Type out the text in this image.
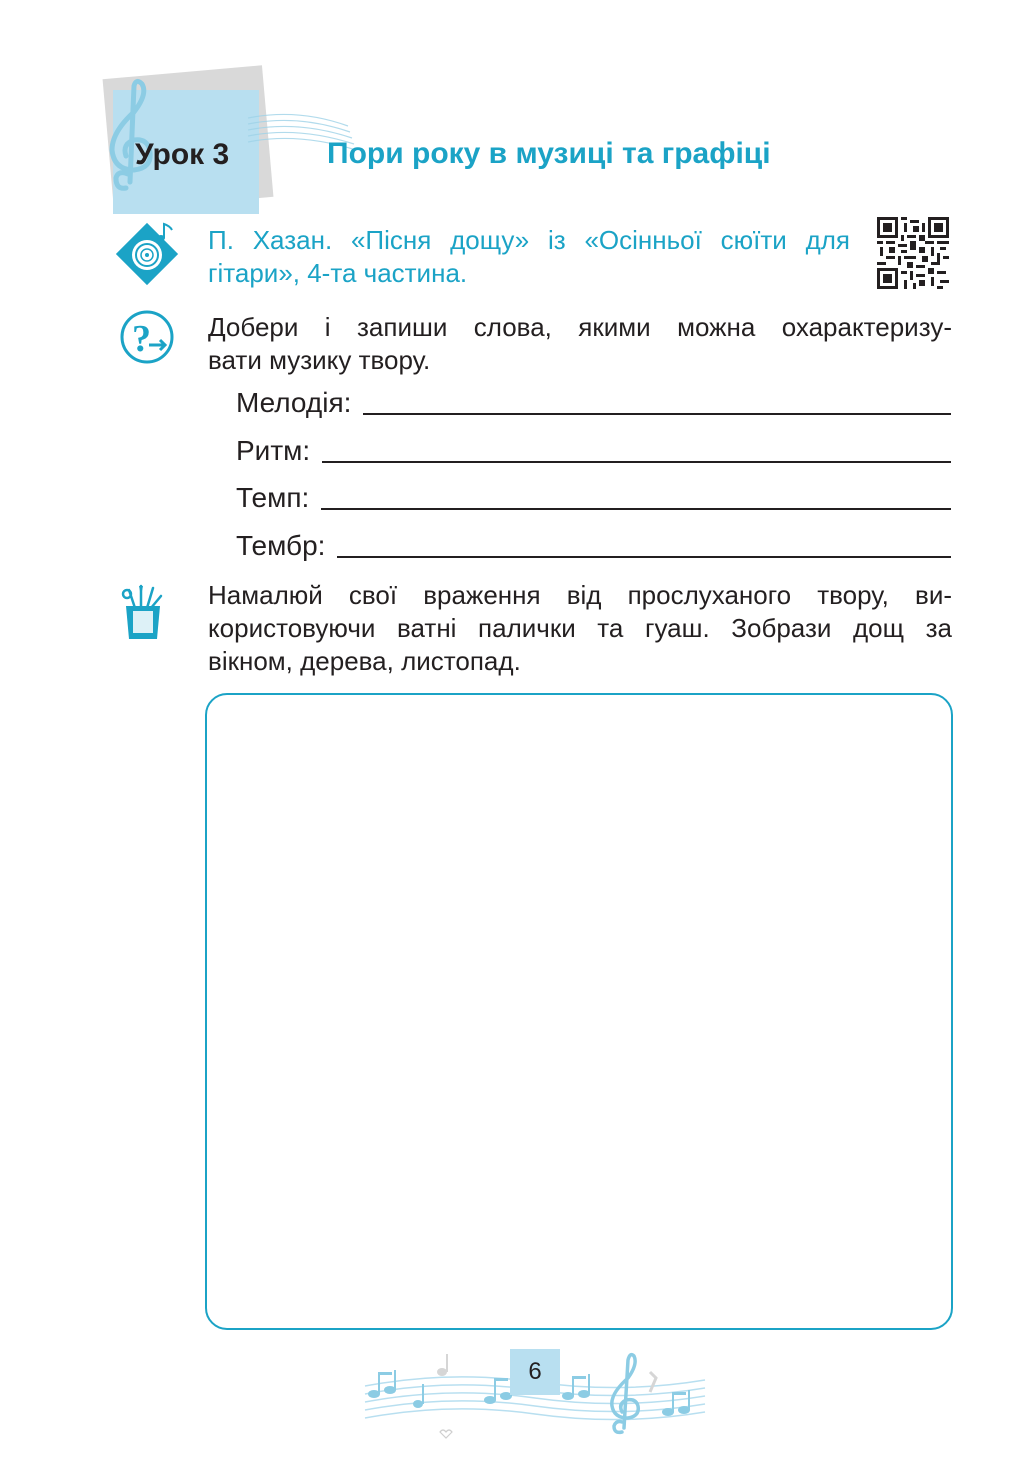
Урок 3	Пори року в музиці та графіці
П. Хазан. «Пісня дощу» із «Осінньої сюїти для
гітари», 4-та частина.
? Добери і запиши слова, якими можна охарактеризу-
вати музику твору.
Мелодія:
Ритм:
Темп:
Тембр:
Намалюй свої враження від прослуханого твору, ви-
користовуючи ватні палички та гуаш. Зобрази дощ за
вікном, дерева, листопад.
6
